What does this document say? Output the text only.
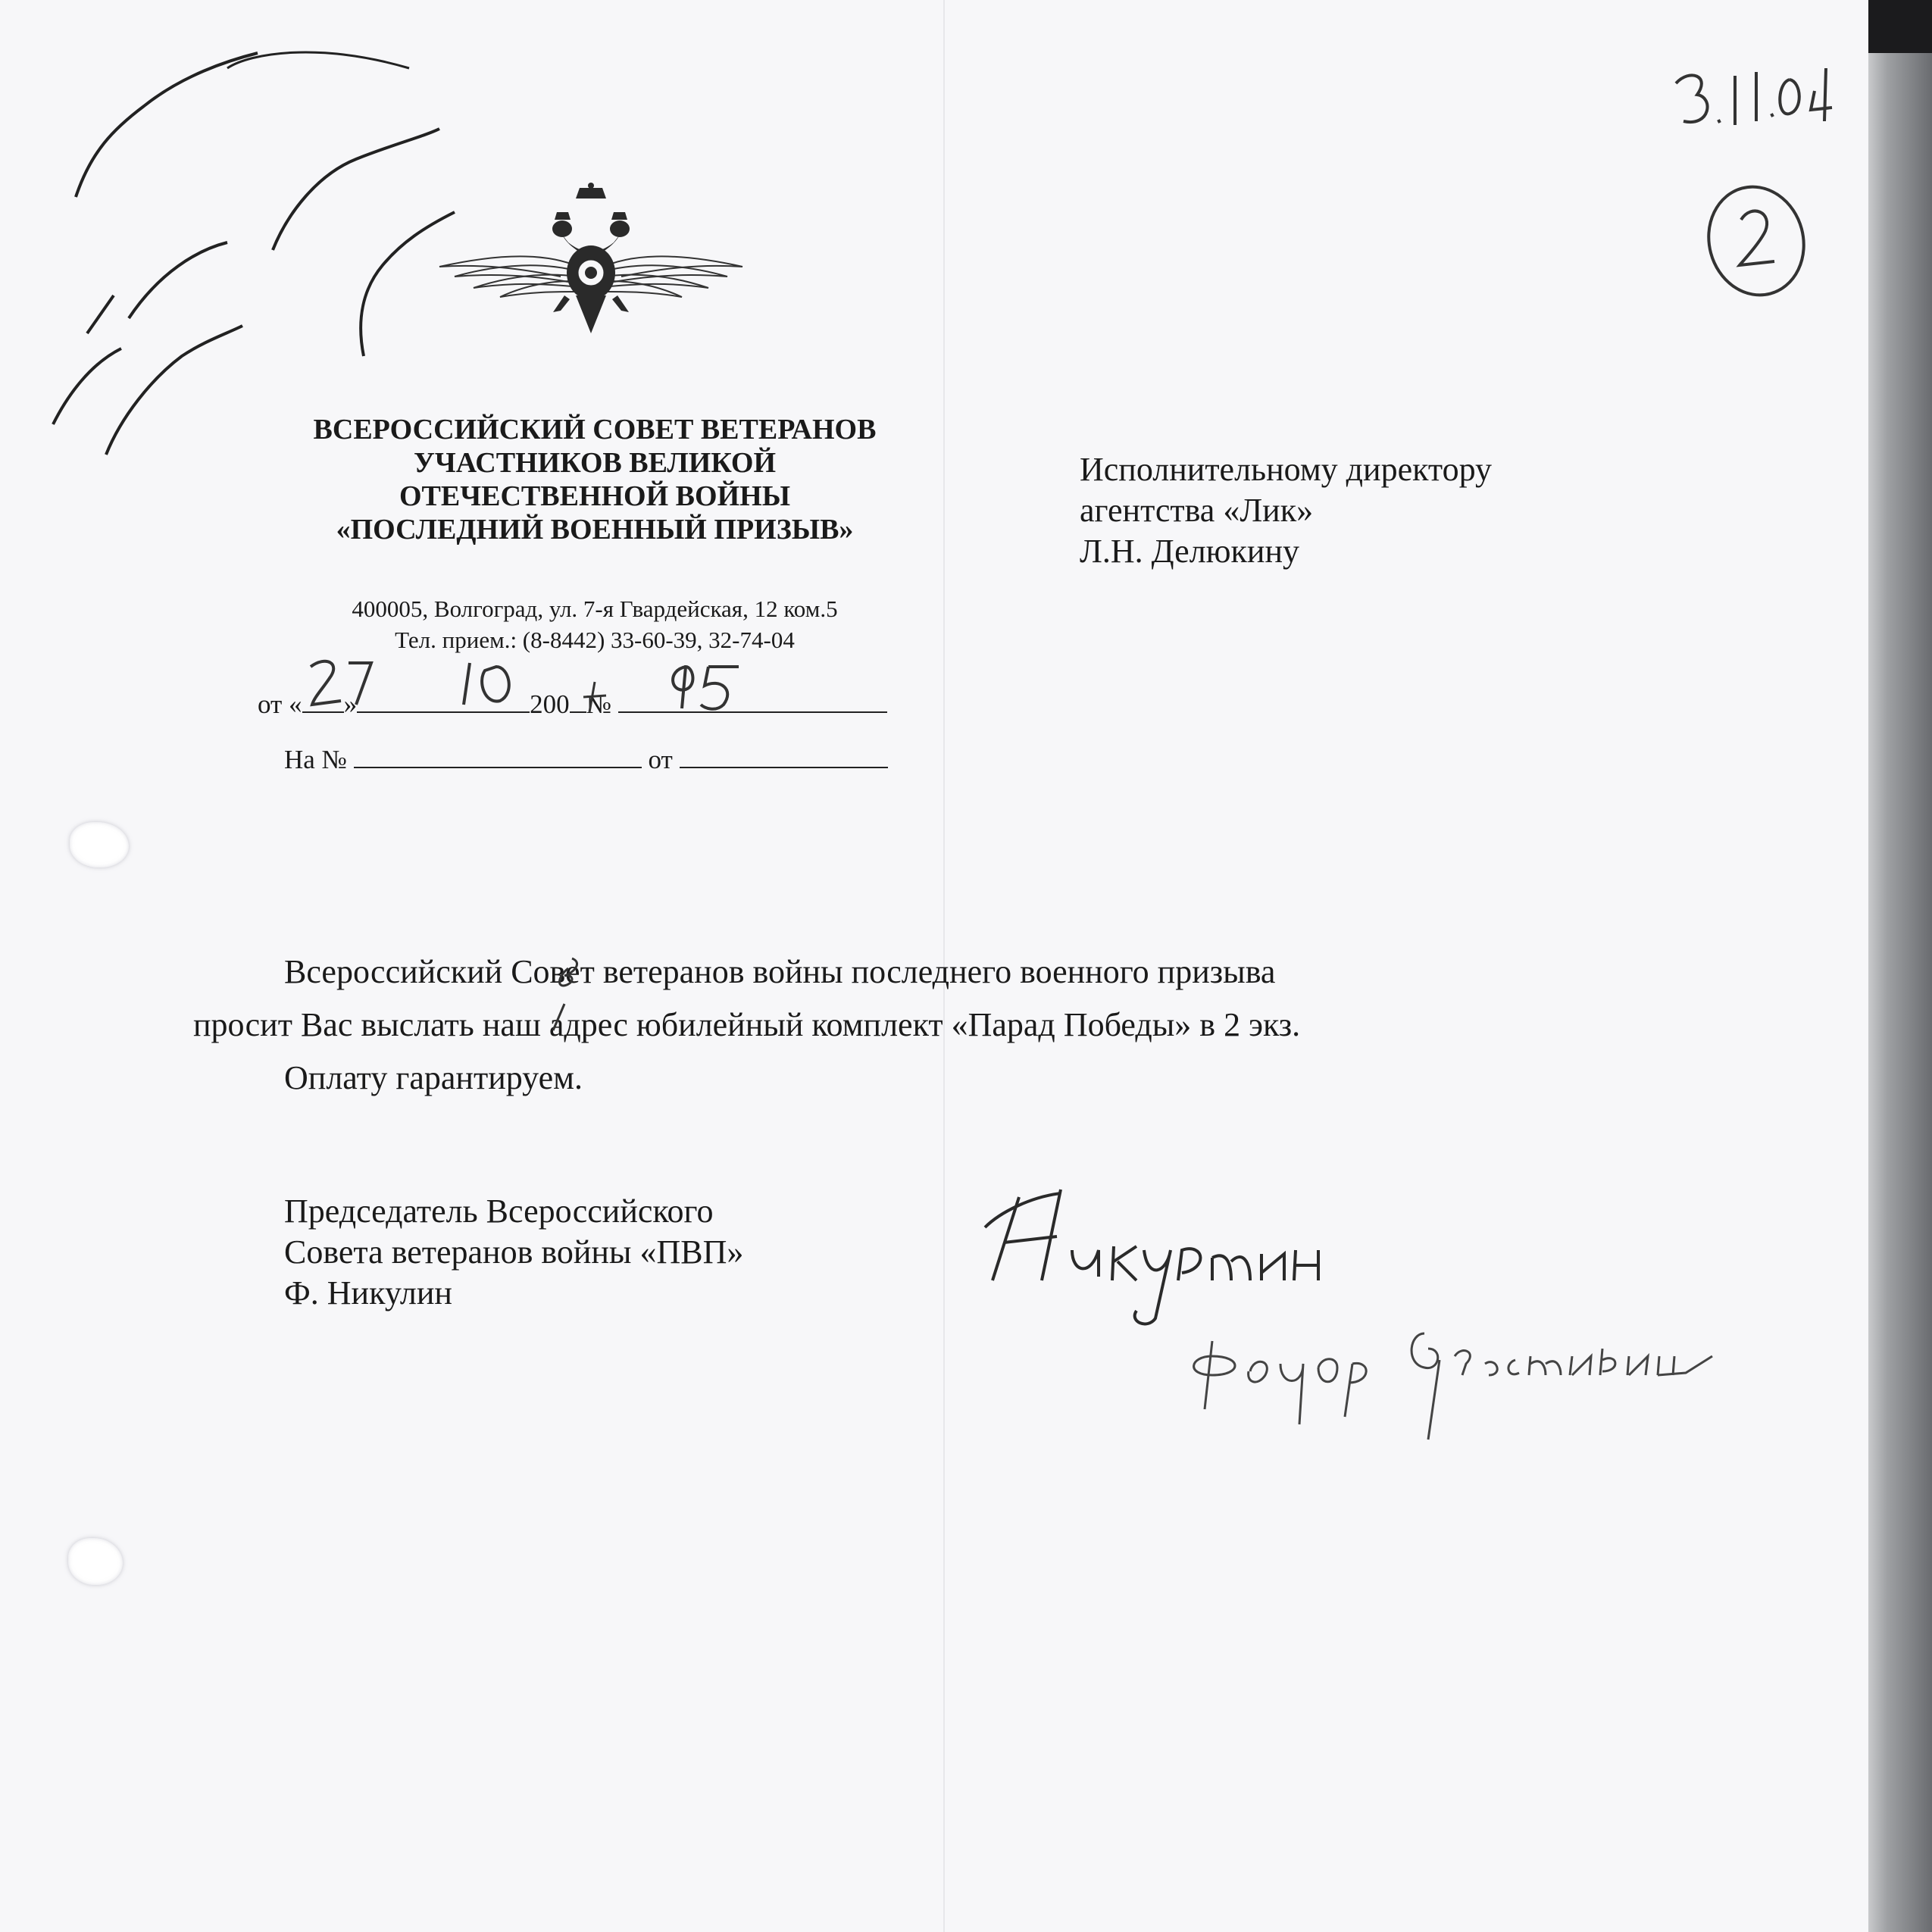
ВСЕРОССИЙСКИЙ СОВЕТ ВЕТЕРАНОВ
УЧАСТНИКОВ ВЕЛИКОЙ
ОТЕЧЕСТВЕННОЙ ВОЙНЫ
«ПОСЛЕДНИЙ ВОЕННЫЙ ПРИЗЫВ»
400005, Волгоград, ул. 7-я Гвардейская, 12 ком.5
Тел. прием.: (8-8442) 33-60-39, 32-74-04
от « »	200 №
На №	от
Исполнительному директору
агентства «Лик»
Л.Н. Делюкину
Всероссийский Совет ветеранов войны последнего военного призыва
просит Вас выслать наш адрес юбилейный комплект «Парад Победы» в 2 экз.
Оплату гарантируем.
Председатель Всероссийского
Совета ветеранов войны «ПВП»
Ф. Никулин
